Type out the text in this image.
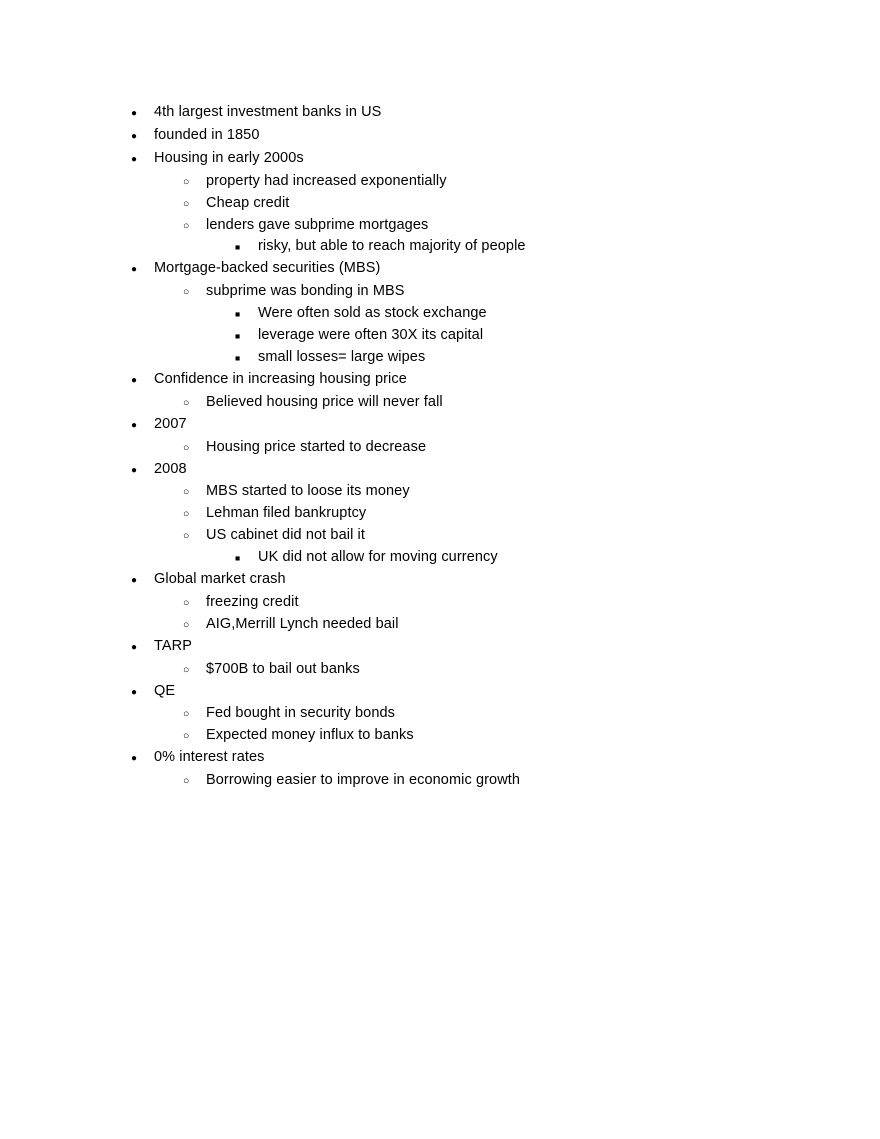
●	4th largest investment banks in US
●	founded in 1850
●	Housing in early 2000s
○	property had increased exponentially
○	Cheap credit
○	lenders gave subprime mortgages
■	risky, but able to reach majority of people
●	Mortgage-backed securities (MBS)
○	subprime was bonding in MBS
■	Were often sold as stock exchange
■	leverage were often 30X its capital
■	small losses= large wipes
●	Confidence in increasing housing price
○	Believed housing price will never fall
●	2007
○	Housing price started to decrease
●	2008
○	MBS started to loose its money
○	Lehman filed bankruptcy
○	US cabinet did not bail it
■	UK did not allow for moving currency
●	Global market crash
○	freezing credit
○	AIG,Merrill Lynch needed bail
●	TARP
○	$700B to bail out banks
●	QE
○	Fed bought in security bonds
○	Expected money influx to banks
●	0% interest rates
○	Borrowing easier to improve in economic growth
